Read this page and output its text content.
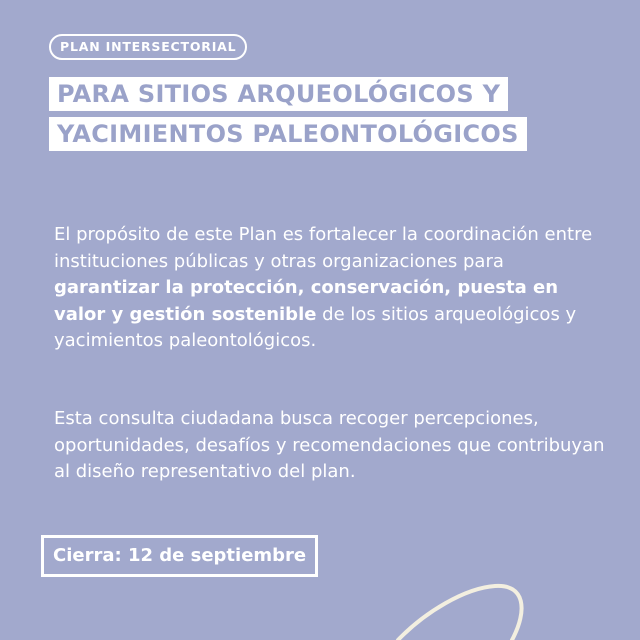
PLAN INTERSECTORIAL
PARA SITIOS ARQUEOLÓGICOS Y
YACIMIENTOS PALEONTOLÓGICOS

El propósito de este Plan es fortalecer la coordinación entre instituciones públicas y otras organizaciones para garantizar la protección, conservación, puesta en valor y gestión sostenible de los sitios arqueológicos y yacimientos paleontológicos.

Esta consulta ciudadana busca recoger percepciones, oportunidades, desafíos y recomendaciones que contribuyan al diseño representativo del plan.

Cierra: 12 de septiembre
